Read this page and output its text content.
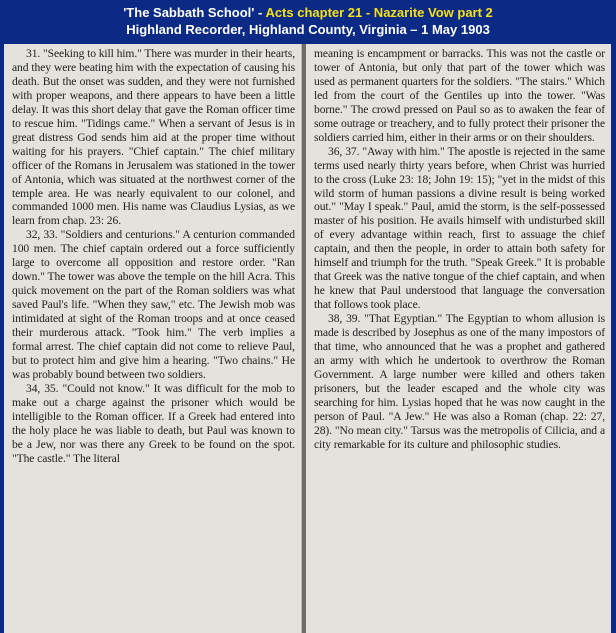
'The Sabbath School' - Acts chapter 21 - Nazarite Vow part 2
Highland Recorder, Highland County, Virginia – 1 May 1903

31. "Seeking to kill him." There was murder in their hearts, and they were beating him with the expectation of causing his death. But the onset was sudden, and they were not furnished with proper weapons, and there appears to have been a little delay. It was this short delay that gave the Roman officer time to rescue him. "Tidings came." When a servant of Jesus is in great distress God sends him aid at the proper time without waiting for his prayers. "Chief captain." The chief military officer of the Romans in Jerusalem was stationed in the tower of Antonia, which was situated at the northwest corner of the temple area. He was nearly equivalent to our colonel, and commanded 1000 men. His name was Claudius Lysias, as we learn from chap. 23: 26.

32, 33. "Soldiers and centurions." A centurion commanded 100 men. The chief captain ordered out a force sufficiently large to overcome all opposition and restore order. "Ran down." The tower was above the temple on the hill Acra. This quick movement on the part of the Roman soldiers was what saved Paul's life. "When they saw," etc. The Jewish mob was intimidated at sight of the Roman troops and at once ceased their murderous attack. "Took him." The verb implies a formal arrest. The chief captain did not come to relieve Paul, but to protect him and give him a hearing. "Two chains." He was probably bound between two soldiers.

34, 35. "Could not know." It was difficult for the mob to make out a charge against the prisoner which would be intelligible to the Roman officer. If a Greek had entered into the holy place he was liable to death, but Paul was known to be a Jew, nor was there any Greek to be found on the spot. "The castle." The literal

meaning is encampment or barracks. This was not the castle or tower of Antonia, but only that part of the tower which was used as permanent quarters for the soldiers. "The stairs." Which led from the court of the Gentiles up into the tower. "Was borne." The crowd pressed on Paul so as to awaken the fear of some outrage or treachery, and to fully protect their prisoner the soldiers carried him, either in their arms or on their shoulders.

36, 37. "Away with him." The apostle is rejected in the same terms used nearly thirty years before, when Christ was hurried to the cross (Luke 23: 18; John 19: 15); "yet in the midst of this wild storm of human passions a divine result is being worked out." "May I speak." Paul, amid the storm, is the self-possessed master of his position. He avails himself with undisturbed skill of every advantage within reach, first to assuage the chief captain, and then the people, in order to attain both safety for himself and triumph for the truth. "Speak Greek." It is probable that Greek was the native tongue of the chief captain, and when he knew that Paul understood that language the conversation that follows took place.

38, 39. "That Egyptian." The Egyptian to whom allusion is made is described by Josephus as one of the many impostors of that time, who announced that he was a prophet and gathered an army with which he undertook to overthrow the Roman Government. A large number were killed and others taken prisoners, but the leader escaped and the whole city was searching for him. Lysias hoped that he was now caught in the person of Paul. "A Jew." He was also a Roman (chap. 22: 27, 28). "No mean city." Tarsus was the metropolis of Cilicia, and a city remarkable for its culture and philosophic studies.
